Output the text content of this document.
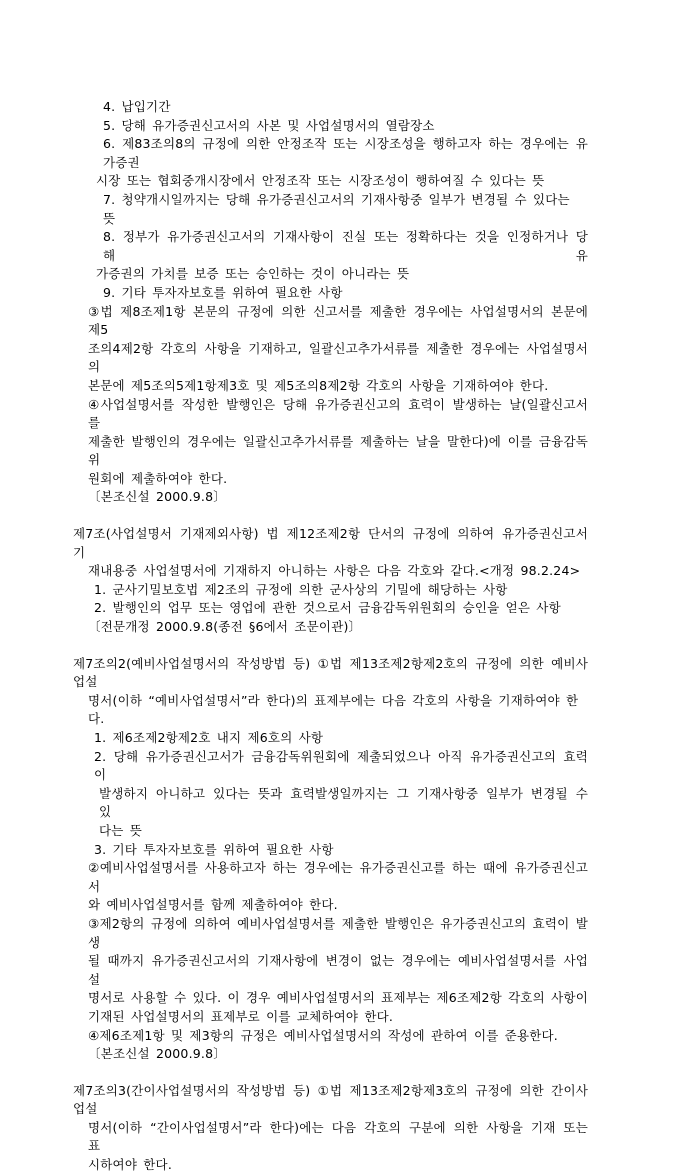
4. 납입기간
5. 당해 유가증권신고서의 사본 및 사업설명서의 열람장소
6. 제83조의8의 규정에 의한 안정조작 또는 시장조성을 행하고자 하는 경우에는 유가증권
시장 또는 협회중개시장에서 안정조작 또는 시장조성이 행하여질 수 있다는 뜻
7. 청약개시일까지는 당해 유가증권신고서의 기재사항중 일부가 변경될 수 있다는 뜻
8. 정부가 유가증권신고서의 기재사항이 진실 또는 정확하다는 것을 인정하거나 당해 유
가증권의 가치를 보증 또는 승인하는 것이 아니라는 뜻
9. 기타 투자자보호를 위하여 필요한 사항
③법 제8조제1항 본문의 규정에 의한 신고서를 제출한 경우에는 사업설명서의 본문에 제5
조의4제2항 각호의 사항을 기재하고, 일괄신고추가서류를 제출한 경우에는 사업설명서의
본문에 제5조의5제1항제3호 및 제5조의8제2항 각호의 사항을 기재하여야 한다.
④사업설명서를 작성한 발행인은 당해 유가증권신고의 효력이 발생하는 날(일괄신고서를
제출한 발행인의 경우에는 일괄신고추가서류를 제출하는 날을 말한다)에 이를 금융감독위
원회에 제출하여야 한다.
〔본조신설 2000.9.8〕
제7조(사업설명서 기재제외사항) 법 제12조제2항 단서의 규정에 의하여 유가증권신고서 기
재내용중 사업설명서에 기재하지 아니하는 사항은 다음 각호와 같다.<개정 98.2.24>
1. 군사기밀보호법 제2조의 규정에 의한 군사상의 기밀에 해당하는 사항
2. 발행인의 업무 또는 영업에 관한 것으로서 금융감독위원회의 승인을 얻은 사항
〔전문개정 2000.9.8(종전 §6에서 조문이관)〕
제7조의2(예비사업설명서의 작성방법 등) ①법 제13조제2항제2호의 규정에 의한 예비사업설
명서(이하 “예비사업설명서”라 한다)의 표제부에는 다음 각호의 사항을 기재하여야 한다.
1. 제6조제2항제2호 내지 제6호의 사항
2. 당해 유가증권신고서가 금융감독위원회에 제출되었으나 아직 유가증권신고의 효력이
발생하지 아니하고 있다는 뜻과 효력발생일까지는 그 기재사항중 일부가 변경될 수 있
다는 뜻
3. 기타 투자자보호를 위하여 필요한 사항
②예비사업설명서를 사용하고자 하는 경우에는 유가증권신고를 하는 때에 유가증권신고서
와 예비사업설명서를 함께 제출하여야 한다.
③제2항의 규정에 의하여 예비사업설명서를 제출한 발행인은 유가증권신고의 효력이 발생
될 때까지 유가증권신고서의 기재사항에 변경이 없는 경우에는 예비사업설명서를 사업설
명서로 사용할 수 있다. 이 경우 예비사업설명서의 표제부는 제6조제2항 각호의 사항이
기재된 사업설명서의 표제부로 이를 교체하여야 한다.
④제6조제1항 및 제3항의 규정은 예비사업설명서의 작성에 관하여 이를 준용한다.
〔본조신설 2000.9.8〕
제7조의3(간이사업설명서의 작성방법 등) ①법 제13조제2항제3호의 규정에 의한 간이사업설
명서(이하 “간이사업설명서”라 한다)에는 다음 각호의 구분에 의한 사항을 기재 또는 표
시하여야 한다.
